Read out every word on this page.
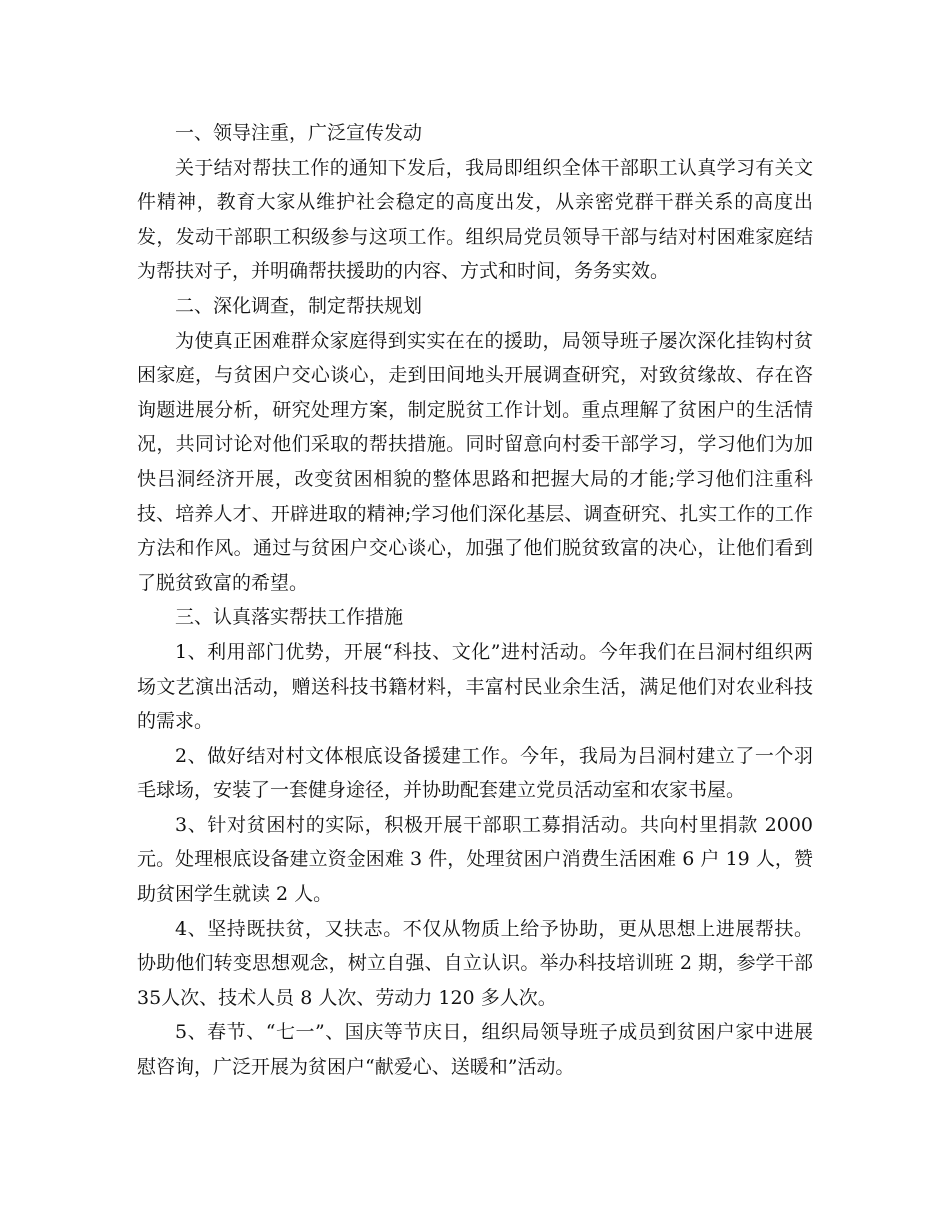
一、领导注重，广泛宣传发动

关于结对帮扶工作的通知下发后，我局即组织全体干部职工认真学习有关文件精神，教育大家从维护社会稳定的高度出发，从亲密党群干群关系的高度出发，发动干部职工积级参与这项工作。组织局党员领导干部与结对村困难家庭结为帮扶对子，并明确帮扶援助的内容、方式和时间，务务实效。

二、深化调查，制定帮扶规划

为使真正困难群众家庭得到实实在在的援助，局领导班子屡次深化挂钩村贫困家庭，与贫困户交心谈心，走到田间地头开展调查研究，对致贫缘故、存在咨询题进展分析，研究处理方案，制定脱贫工作计划。重点理解了贫困户的生活情况，共同讨论对他们采取的帮扶措施。同时留意向村委干部学习，学习他们为加快吕洞经济开展，改变贫困相貌的整体思路和把握大局的才能;学习他们注重科技、培养人才、开辟进取的精神;学习他们深化基层、调查研究、扎实工作的工作方法和作风。通过与贫困户交心谈心，加强了他们脱贫致富的决心，让他们看到了脱贫致富的希望。

三、认真落实帮扶工作措施

1、利用部门优势，开展“科技、文化”进村活动。今年我们在吕洞村组织两场文艺演出活动，赠送科技书籍材料，丰富村民业余生活，满足他们对农业科技的需求。

2、做好结对村文体根底设备援建工作。今年，我局为吕洞村建立了一个羽毛球场，安装了一套健身途径，并协助配套建立党员活动室和农家书屋。

3、针对贫困村的实际，积极开展干部职工募捐活动。共向村里捐款 2000元。处理根底设备建立资金困难 3 件，处理贫困户消费生活困难 6 户 19 人，赞助贫困学生就读 2 人。

4、坚持既扶贫，又扶志。不仅从物质上给予协助，更从思想上进展帮扶。协助他们转变思想观念，树立自强、自立认识。举办科技培训班 2 期，参学干部 35人次、技术人员 8 人次、劳动力 120 多人次。

5、春节、“七一”、国庆等节庆日，组织局领导班子成员到贫困户家中进展慰咨询，广泛开展为贫困户“献爱心、送暖和”活动。
